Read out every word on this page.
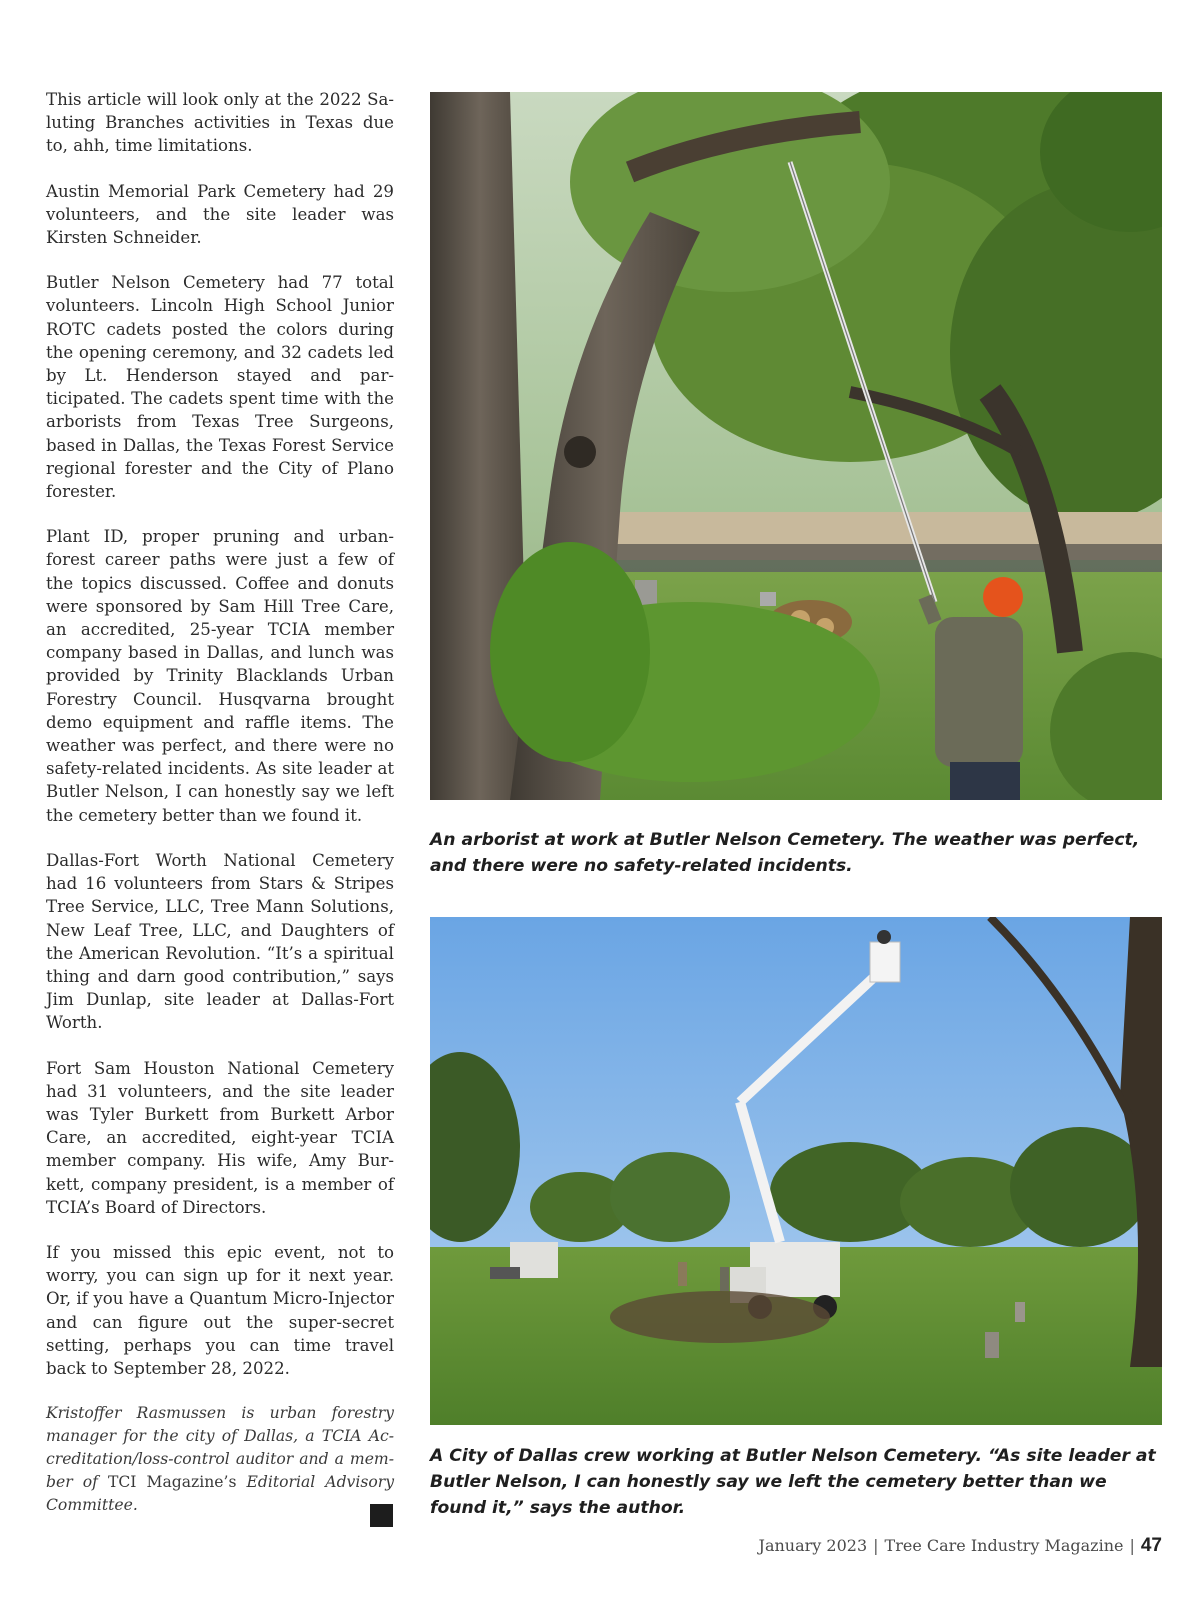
This article will look only at the 2022 Saluting Branches activities in Texas due to, ahh, time limitations.

Austin Memorial Park Cemetery had 29 volunteers, and the site leader was Kirsten Schneider.

Butler Nelson Cemetery had 77 total volunteers. Lincoln High School Junior ROTC cadets posted the colors during the opening ceremony, and 32 cadets led by Lt. Henderson stayed and participated. The cadets spent time with the arborists from Texas Tree Surgeons, based in Dallas, the Texas Forest Service regional forester and the City of Plano forester.

Plant ID, proper pruning and urban-forest career paths were just a few of the topics discussed. Coffee and donuts were sponsored by Sam Hill Tree Care, an accredited, 25-year TCIA member company based in Dallas, and lunch was provided by Trinity Blacklands Urban Forestry Council. Husqvarna brought demo equipment and raffle items. The weather was perfect, and there were no safety-related incidents. As site leader at Butler Nelson, I can honestly say we left the cemetery better than we found it.

Dallas-Fort Worth National Cemetery had 16 volunteers from Stars & Stripes Tree Service, LLC, Tree Mann Solutions, New Leaf Tree, LLC, and Daughters of the American Revolution. “It’s a spiritual thing and darn good contribution,” says Jim Dunlap, site leader at Dallas-Fort Worth.

Fort Sam Houston National Cemetery had 31 volunteers, and the site leader was Tyler Burkett from Burkett Arbor Care, an accredited, eight-year TCIA member company. His wife, Amy Burkett, company president, is a member of TCIA’s Board of Directors.

If you missed this epic event, not to worry, you can sign up for it next year. Or, if you have a Quantum Micro-Injector and can figure out the super-secret setting, perhaps you can time travel back to September 28, 2022.

Kristoffer Rasmussen is urban forestry manager for the city of Dallas, a TCIA Accreditation/loss-control auditor and a member of TCI Magazine’s Editorial Advisory Committee.

An arborist at work at Butler Nelson Cemetery. The weather was perfect, and there were no safety-related incidents.
A City of Dallas crew working at Butler Nelson Cemetery. “As site leader at Butler Nelson, I can honestly say we left the cemetery better than we found it,” says the author.
January 2023 | Tree Care Industry Magazine | 47
